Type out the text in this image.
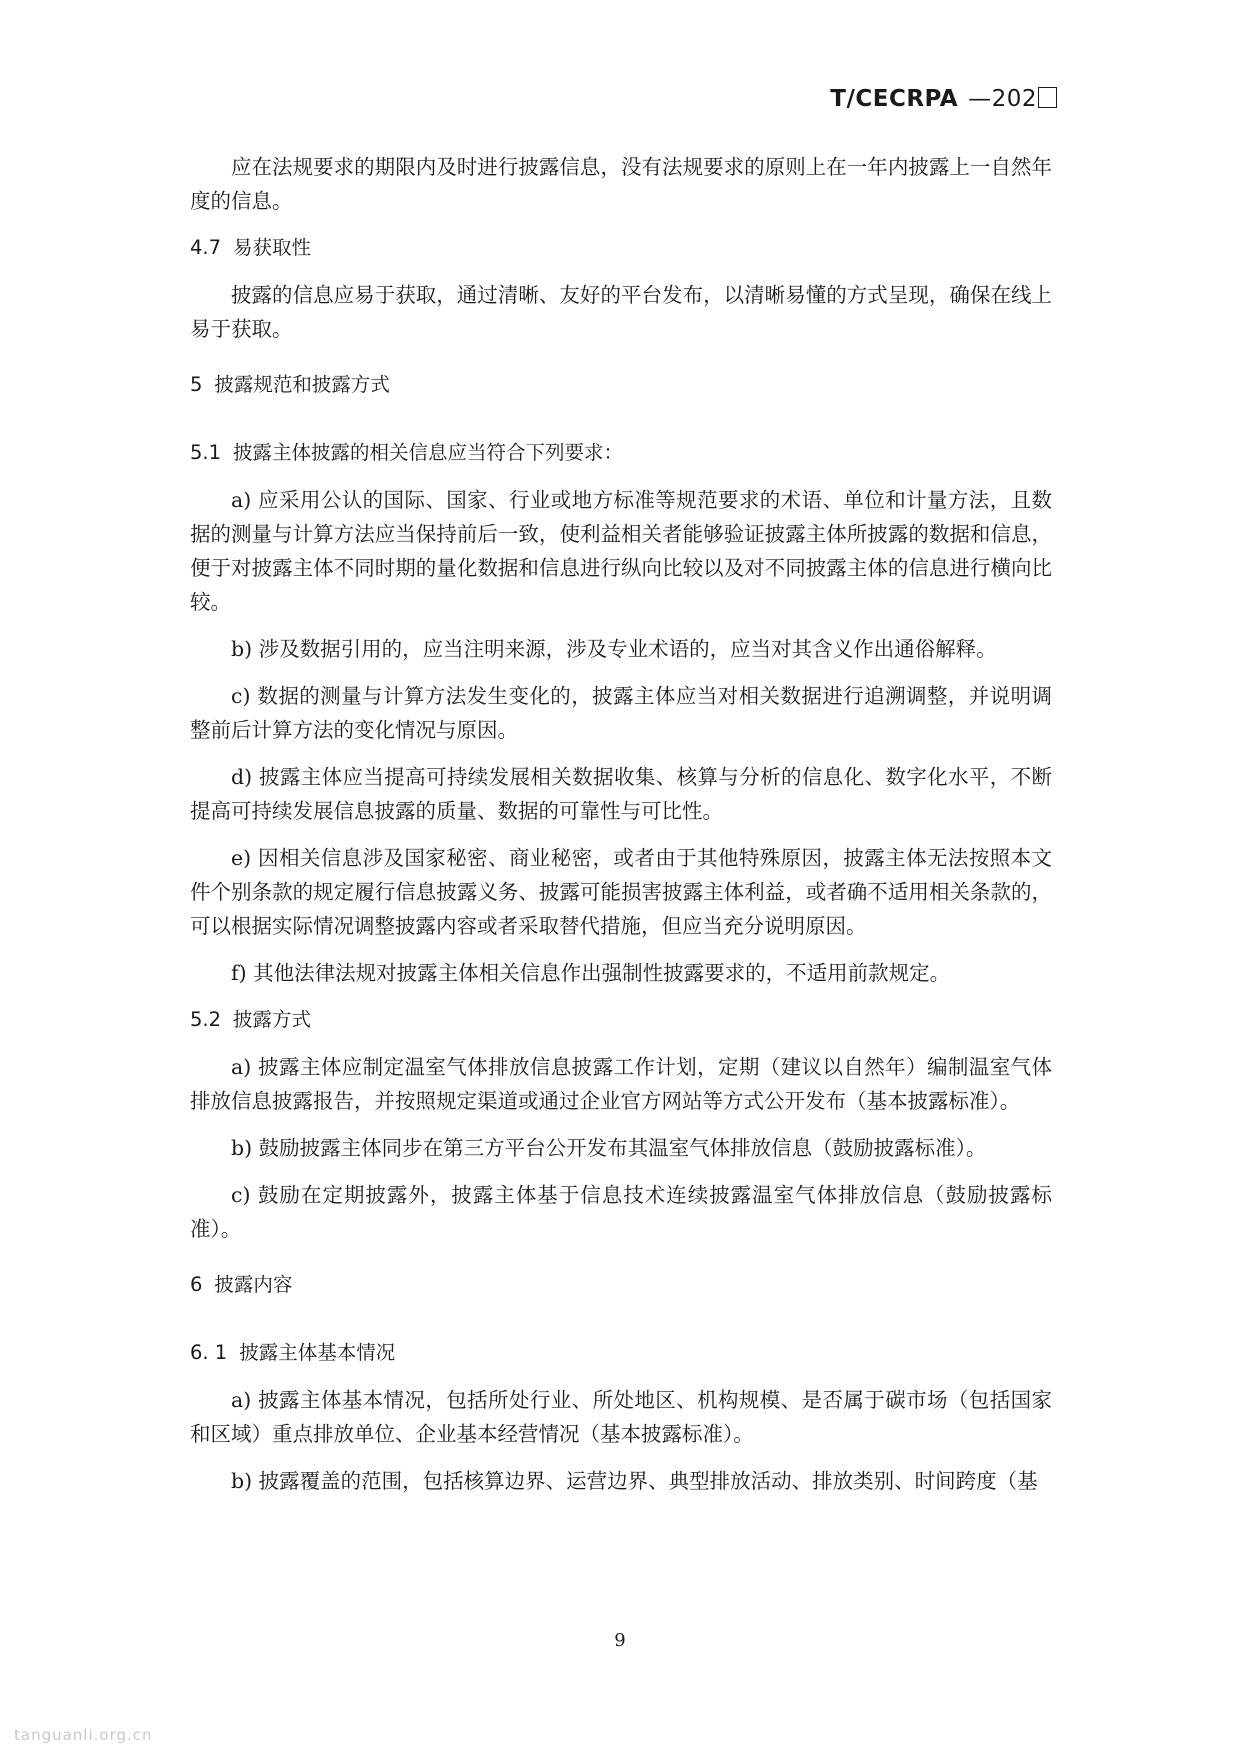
T/CECRPA —202

应在法规要求的期限内及时进行披露信息，没有法规要求的原则上在一年内披露上一自然年度的信息。

4.7 易获取性

披露的信息应易于获取，通过清晰、友好的平台发布，以清晰易懂的方式呈现，确保在线上易于获取。

5 披露规范和披露方式
5.1 披露主体披露的相关信息应当符合下列要求：

a) 应采用公认的国际、国家、行业或地方标准等规范要求的术语、单位和计量方法，且数据的测量与计算方法应当保持前后一致，使利益相关者能够验证披露主体所披露的数据和信息，便于对披露主体不同时期的量化数据和信息进行纵向比较以及对不同披露主体的信息进行横向比较。

b) 涉及数据引用的，应当注明来源，涉及专业术语的，应当对其含义作出通俗解释。

c) 数据的测量与计算方法发生变化的，披露主体应当对相关数据进行追溯调整，并说明调整前后计算方法的变化情况与原因。

d) 披露主体应当提高可持续发展相关数据收集、核算与分析的信息化、数字化水平，不断提高可持续发展信息披露的质量、数据的可靠性与可比性。

e) 因相关信息涉及国家秘密、商业秘密，或者由于其他特殊原因，披露主体无法按照本文件个别条款的规定履行信息披露义务、披露可能损害披露主体利益，或者确不适用相关条款的，可以根据实际情况调整披露内容或者采取替代措施，但应当充分说明原因。

f) 其他法律法规对披露主体相关信息作出强制性披露要求的，不适用前款规定。

5.2 披露方式

a) 披露主体应制定温室气体排放信息披露工作计划，定期（建议以自然年）编制温室气体排放信息披露报告，并按照规定渠道或通过企业官方网站等方式公开发布（基本披露标准）。

b) 鼓励披露主体同步在第三方平台公开发布其温室气体排放信息（鼓励披露标准）。

c) 鼓励在定期披露外，披露主体基于信息技术连续披露温室气体排放信息（鼓励披露标准）。

6 披露内容
6. 1 披露主体基本情况

a) 披露主体基本情况，包括所处行业、所处地区、机构规模、是否属于碳市场（包括国家和区域）重点排放单位、企业基本经营情况（基本披露标准）。

b) 披露覆盖的范围，包括核算边界、运营边界、典型排放活动、排放类别、时间跨度（基

9
tanguanli.org.cn
